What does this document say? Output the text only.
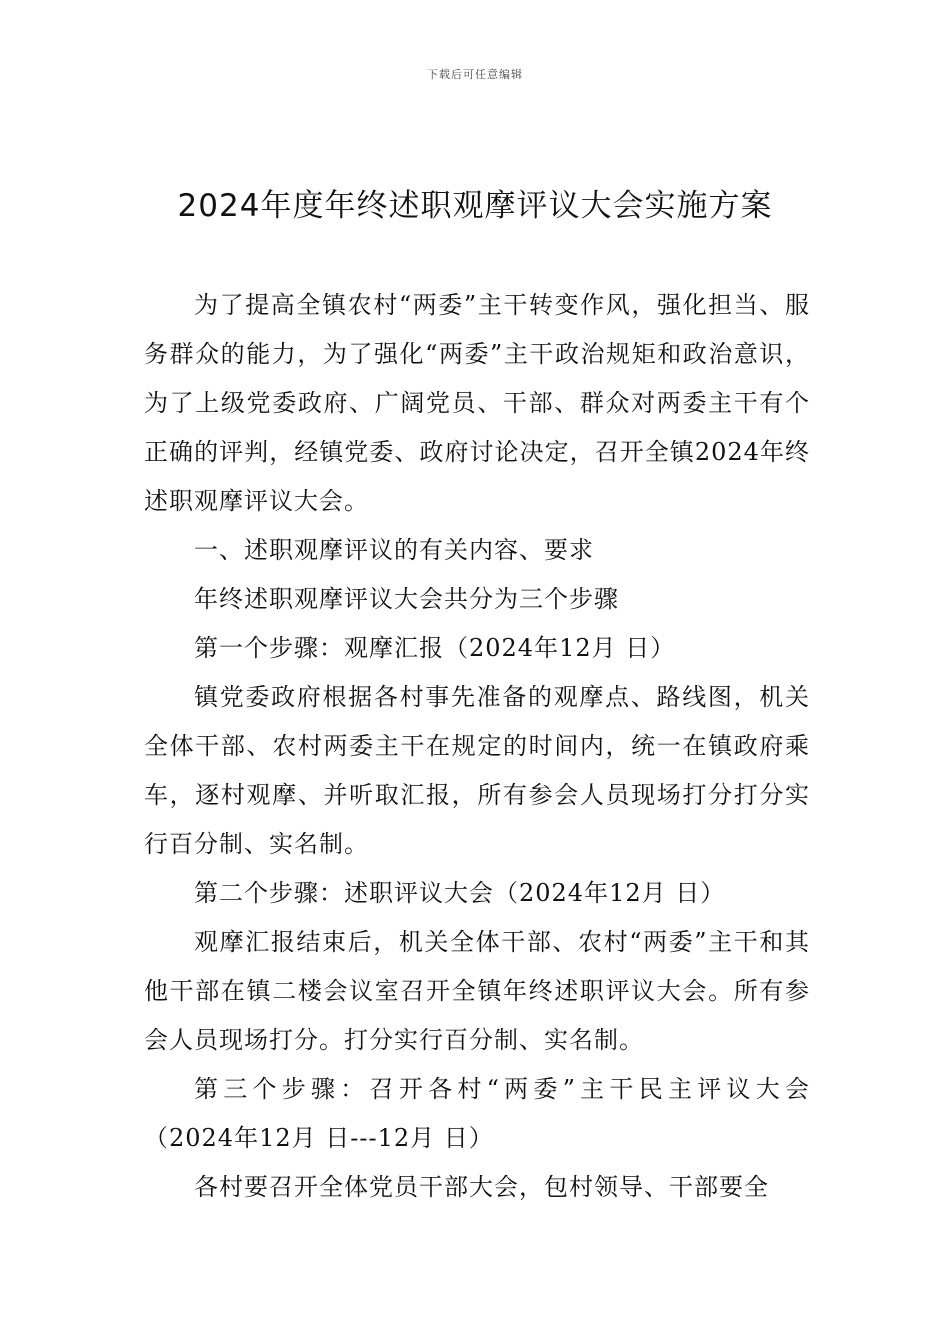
下载后可任意编辑
2024年度年终述职观摩评议大会实施方案

为了提高全镇农村“两委”主干转变作风，强化担当、服务群众的能力，为了强化“两委”主干政治规矩和政治意识，为了上级党委政府、广阔党员、干部、群众对两委主干有个正确的评判，经镇党委、政府讨论决定，召开全镇2024年终述职观摩评议大会。

一、述职观摩评议的有关内容、要求

年终述职观摩评议大会共分为三个步骤

第一个步骤：观摩汇报（2024年12月 日）

镇党委政府根据各村事先准备的观摩点、路线图，机关全体干部、农村两委主干在规定的时间内，统一在镇政府乘车，逐村观摩、并听取汇报，所有参会人员现场打分打分实行百分制、实名制。

第二个步骤：述职评议大会（2024年12月 日）

观摩汇报结束后，机关全体干部、农村“两委”主干和其他干部在镇二楼会议室召开全镇年终述职评议大会。所有参会人员现场打分。打分实行百分制、实名制。

第三个步骤：召开各村“两委”主干民主评议大会（2024年12月 日---12月 日）

各村要召开全体党员干部大会，包村领导、干部要全
